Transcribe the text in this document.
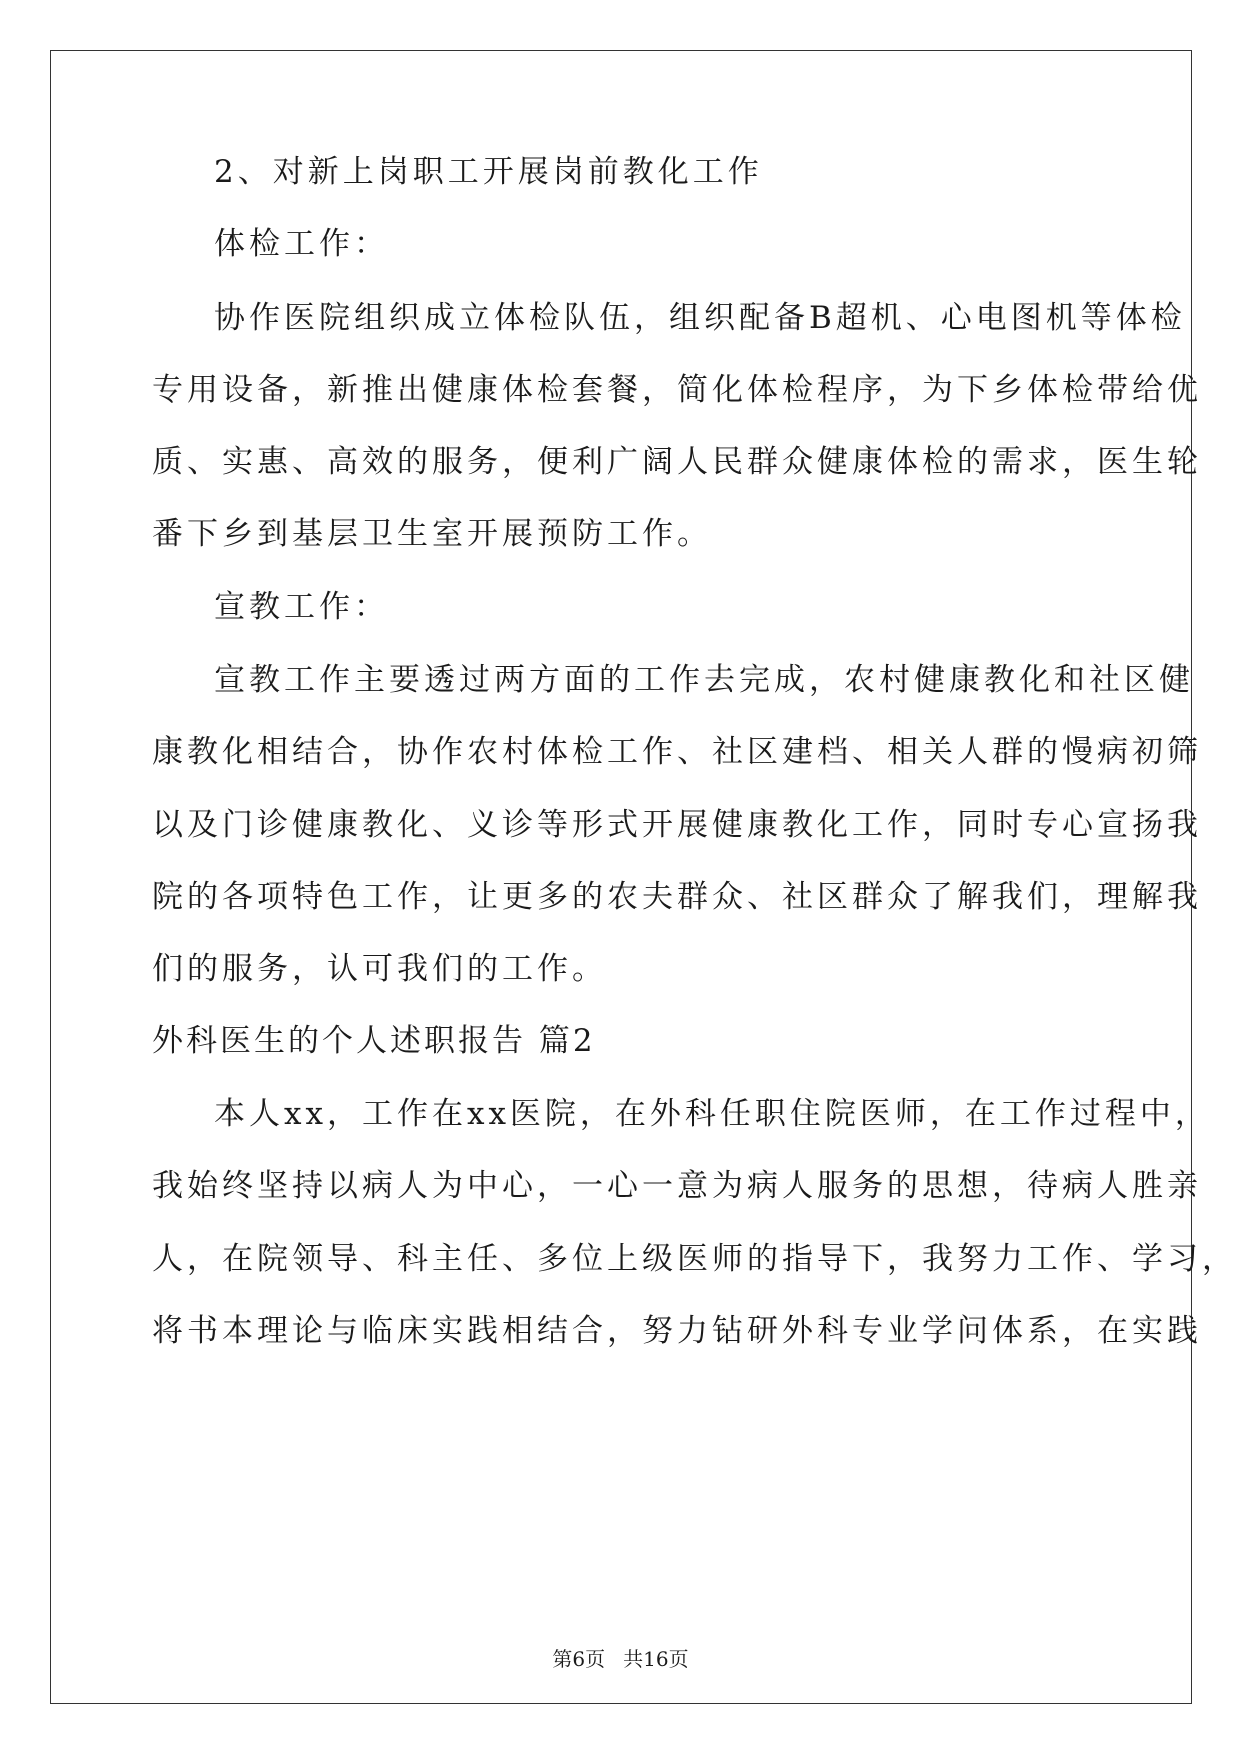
2、对新上岗职工开展岗前教化工作
体检工作：
协作医院组织成立体检队伍，组织配备B超机、心电图机等体检
专用设备，新推出健康体检套餐，简化体检程序，为下乡体检带给优
质、实惠、高效的服务，便利广阔人民群众健康体检的需求，医生轮
番下乡到基层卫生室开展预防工作。
宣教工作：
宣教工作主要透过两方面的工作去完成，农村健康教化和社区健
康教化相结合，协作农村体检工作、社区建档、相关人群的慢病初筛
以及门诊健康教化、义诊等形式开展健康教化工作，同时专心宣扬我
院的各项特色工作，让更多的农夫群众、社区群众了解我们，理解我
们的服务，认可我们的工作。
外科医生的个人述职报告 篇2
本人xx，工作在xx医院，在外科任职住院医师，在工作过程中，
我始终坚持以病人为中心，一心一意为病人服务的思想，待病人胜亲
人，在院领导、科主任、多位上级医师的指导下，我努力工作、学习，
将书本理论与临床实践相结合，努力钻研外科专业学问体系，在实践
第6页 共16页
